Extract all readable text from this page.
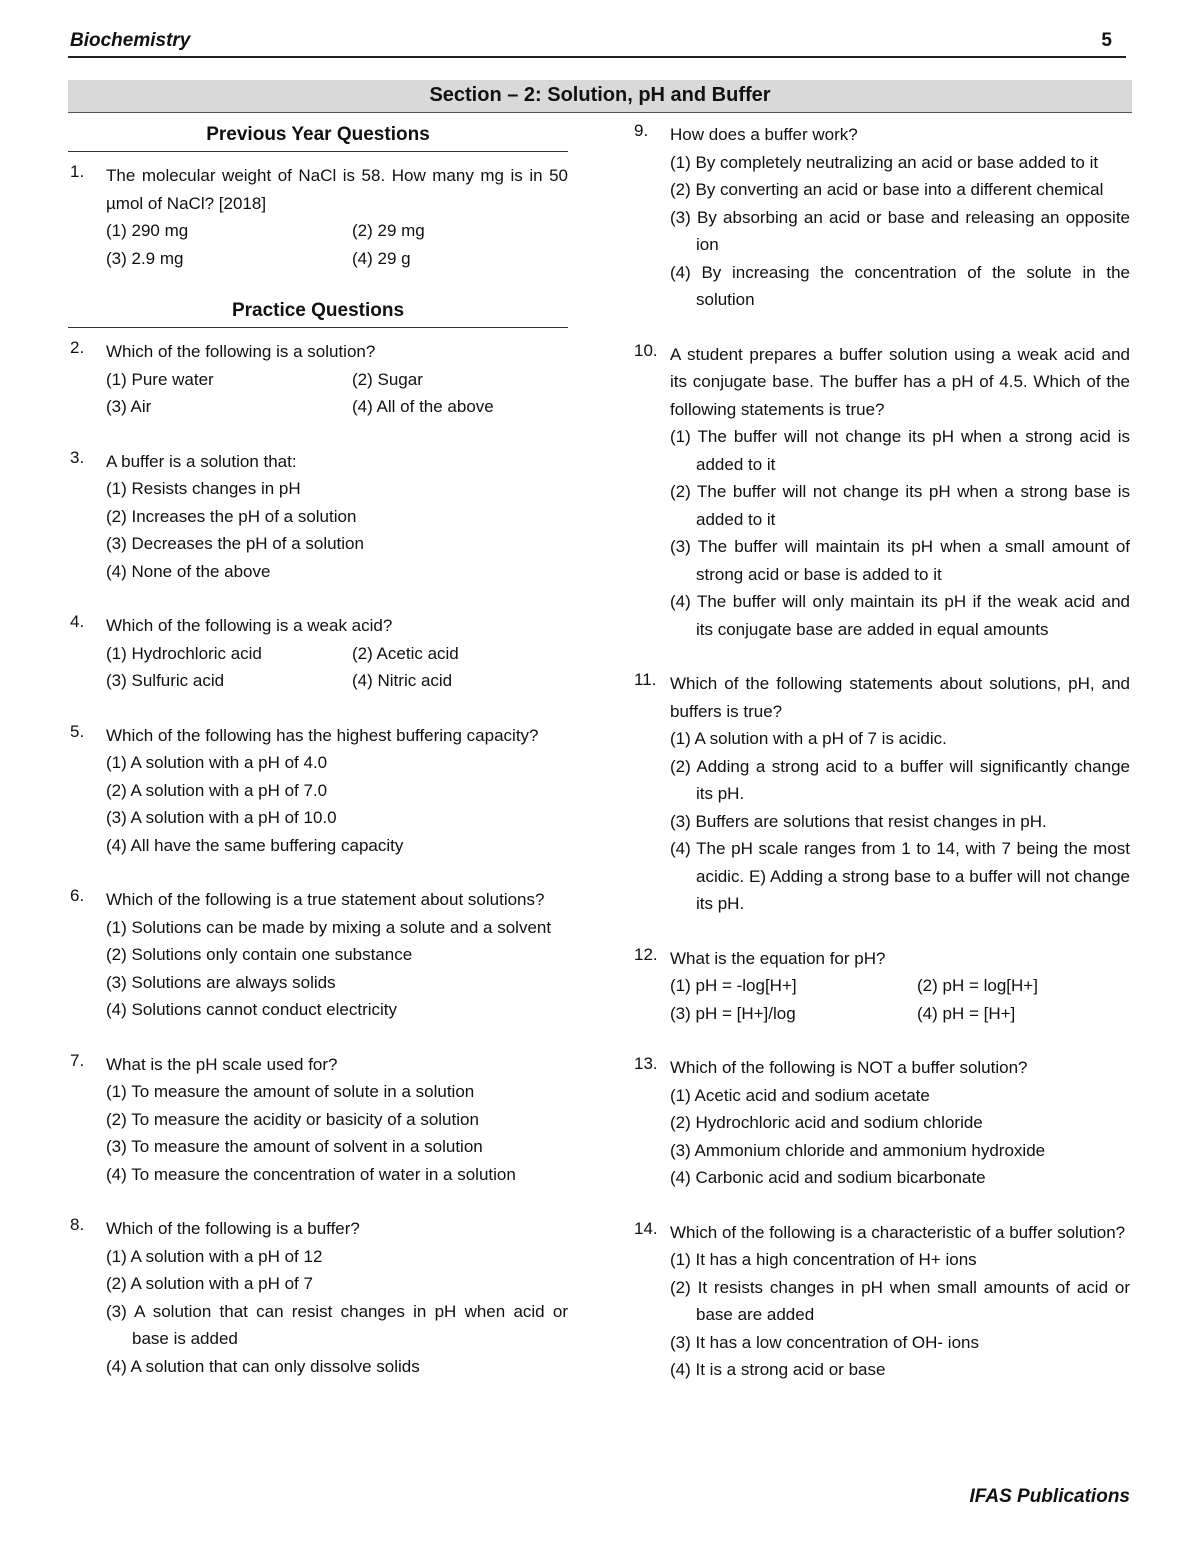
Biochemistry	5
Section – 2: Solution, pH and Buffer
Previous Year Questions
1. The molecular weight of NaCl is 58. How many mg is in 50 µmol of NaCl? [2018]
(1) 290 mg	(2) 29 mg
(3) 2.9 mg	(4) 29 g
Practice Questions
2. Which of the following is a solution?
(1) Pure water	(2) Sugar
(3) Air	(4) All of the above
3. A buffer is a solution that:
(1) Resists changes in pH
(2) Increases the pH of a solution
(3) Decreases the pH of a solution
(4) None of the above
4. Which of the following is a weak acid?
(1) Hydrochloric acid	(2) Acetic acid
(3) Sulfuric acid	(4) Nitric acid
5. Which of the following has the highest buffering capacity?
(1) A solution with a pH of 4.0
(2) A solution with a pH of 7.0
(3) A solution with a pH of 10.0
(4) All have the same buffering capacity
6. Which of the following is a true statement about solutions?
(1) Solutions can be made by mixing a solute and a solvent
(2) Solutions only contain one substance
(3) Solutions are always solids
(4) Solutions cannot conduct electricity
7. What is the pH scale used for?
(1) To measure the amount of solute in a solution
(2) To measure the acidity or basicity of a solution
(3) To measure the amount of solvent in a solution
(4) To measure the concentration of water in a solution
8. Which of the following is a buffer?
(1) A solution with a pH of 12
(2) A solution with a pH of 7
(3) A solution that can resist changes in pH when acid or base is added
(4) A solution that can only dissolve solids
9. How does a buffer work?
(1) By completely neutralizing an acid or base added to it
(2) By converting an acid or base into a different chemical
(3) By absorbing an acid or base and releasing an opposite ion
(4) By increasing the concentration of the solute in the solution
10. A student prepares a buffer solution using a weak acid and its conjugate base. The buffer has a pH of 4.5. Which of the following statements is true?
(1) The buffer will not change its pH when a strong acid is added to it
(2) The buffer will not change its pH when a strong base is added to it
(3) The buffer will maintain its pH when a small amount of strong acid or base is added to it
(4) The buffer will only maintain its pH if the weak acid and its conjugate base are added in equal amounts
11. Which of the following statements about solutions, pH, and buffers is true?
(1) A solution with a pH of 7 is acidic.
(2) Adding a strong acid to a buffer will significantly change its pH.
(3) Buffers are solutions that resist changes in pH.
(4) The pH scale ranges from 1 to 14, with 7 being the most acidic. E) Adding a strong base to a buffer will not change its pH.
12. What is the equation for pH?
(1) pH = -log[H+]	(2) pH = log[H+]
(3) pH = [H+]/log	(4) pH = [H+]
13. Which of the following is NOT a buffer solution?
(1) Acetic acid and sodium acetate
(2) Hydrochloric acid and sodium chloride
(3) Ammonium chloride and ammonium hydroxide
(4) Carbonic acid and sodium bicarbonate
14. Which of the following is a characteristic of a buffer solution?
(1) It has a high concentration of H+ ions
(2) It resists changes in pH when small amounts of acid or base are added
(3) It has a low concentration of OH- ions
(4) It is a strong acid or base
IFAS Publications
